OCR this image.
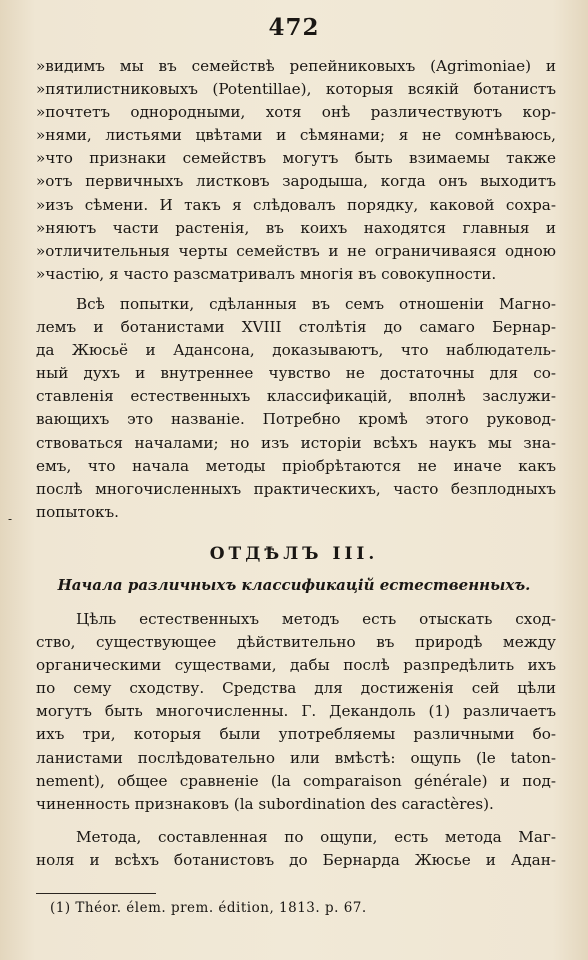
472
»видимъ мы въ семействѣ репейниковыхъ (Agrimoniae) и
»пятилистниковыхъ (Potentillae), которыя всякій ботанистъ
»почтетъ однородными, хотя онѣ различествуютъ кор-
»нями, листьями цвѣтами и сѣмянами; я не сомнѣваюсь,
»что признаки семействъ могутъ быть взимаемы также
»отъ первичныхъ листковъ зародыша, когда онъ выходитъ
»изъ сѣмени. И такъ я слѣдовалъ порядку, каковой сохра-
»няютъ части растенія, въ коихъ находятся главныя и
»отличительныя черты семействъ и не ограничиваяся одною
»частію, я часто разсматривалъ многія въ совокупности.
Всѣ попытки, сдѣланныя въ семъ отношеніи Магно-
лемъ и ботанистами XVIII столѣтія до самаго Бернар-
да Жюсьё и Адансона, доказываютъ, что наблюдатель-
ный духъ и внутреннее чувство не достаточны для со-
ставленія естественныхъ классификацій, вполнѣ заслужи-
вающихъ это названіе. Потребно кромѣ этого руковод-
ствоваться началами; но изъ исторіи всѣхъ наукъ мы зна-
емъ, что начала методы пріобрѣтаются не иначе какъ
послѣ многочисленныхъ практическихъ, часто безплодныхъ
попытокъ.
-
ОТДѢЛЪ III.
Начала различныхъ классификацій естественныхъ.
Цѣль естественныхъ методъ есть отыскать сход-
ство, существующее дѣйствительно въ природѣ между
органическими существами, дабы послѣ разпредѣлить ихъ
по сему сходству. Средства для достиженія сей цѣли
могутъ быть многочисленны. Г. Декандоль (1) различаетъ
ихъ три, которыя были употребляемы различными бо-
ланистами послѣдовательно или вмѣстѣ: ощупь (le taton-
nement), общее сравненіе (la comparaison générale) и под-
чиненность признаковъ (la subordination des caractères).
Метода, составленная по ощупи, есть метода Маг-
ноля и всѣхъ ботанистовъ до Бернарда Жюсье и Адан-
(1) Théor. élem. prem. édition, 1813. p. 67.
